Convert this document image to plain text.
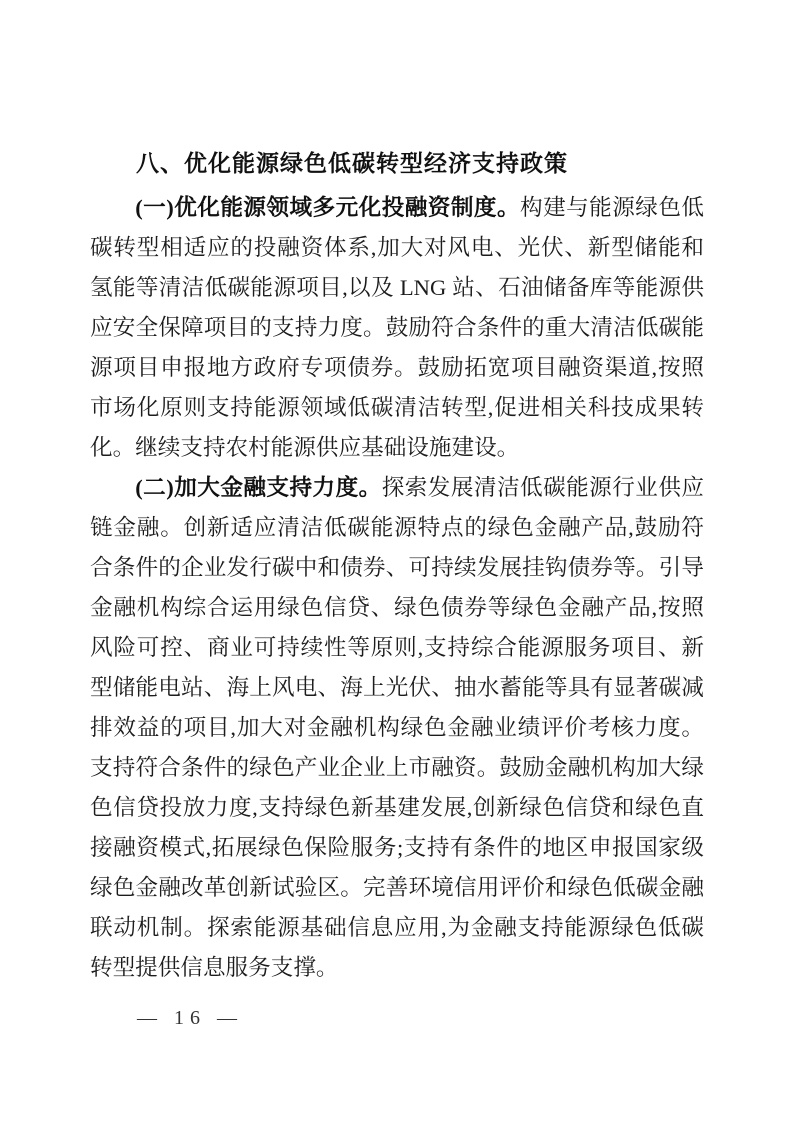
八、优化能源绿色低碳转型经济支持政策

(一)优化能源领域多元化投融资制度。构建与能源绿色低碳转型相适应的投融资体系,加大对风电、光伏、新型储能和氢能等清洁低碳能源项目,以及 LNG 站、石油储备库等能源供应安全保障项目的支持力度。鼓励符合条件的重大清洁低碳能源项目申报地方政府专项债券。鼓励拓宽项目融资渠道,按照市场化原则支持能源领域低碳清洁转型,促进相关科技成果转化。继续支持农村能源供应基础设施建设。

(二)加大金融支持力度。探索发展清洁低碳能源行业供应链金融。创新适应清洁低碳能源特点的绿色金融产品,鼓励符合条件的企业发行碳中和债券、可持续发展挂钩债券等。引导金融机构综合运用绿色信贷、绿色债券等绿色金融产品,按照风险可控、商业可持续性等原则,支持综合能源服务项目、新型储能电站、海上风电、海上光伏、抽水蓄能等具有显著碳减排效益的项目,加大对金融机构绿色金融业绩评价考核力度。支持符合条件的绿色产业企业上市融资。鼓励金融机构加大绿色信贷投放力度,支持绿色新基建发展,创新绿色信贷和绿色直接融资模式,拓展绿色保险服务;支持有条件的地区申报国家级绿色金融改革创新试验区。完善环境信用评价和绿色低碳金融联动机制。探索能源基础信息应用,为金融支持能源绿色低碳转型提供信息服务支撑。

— 16 —
